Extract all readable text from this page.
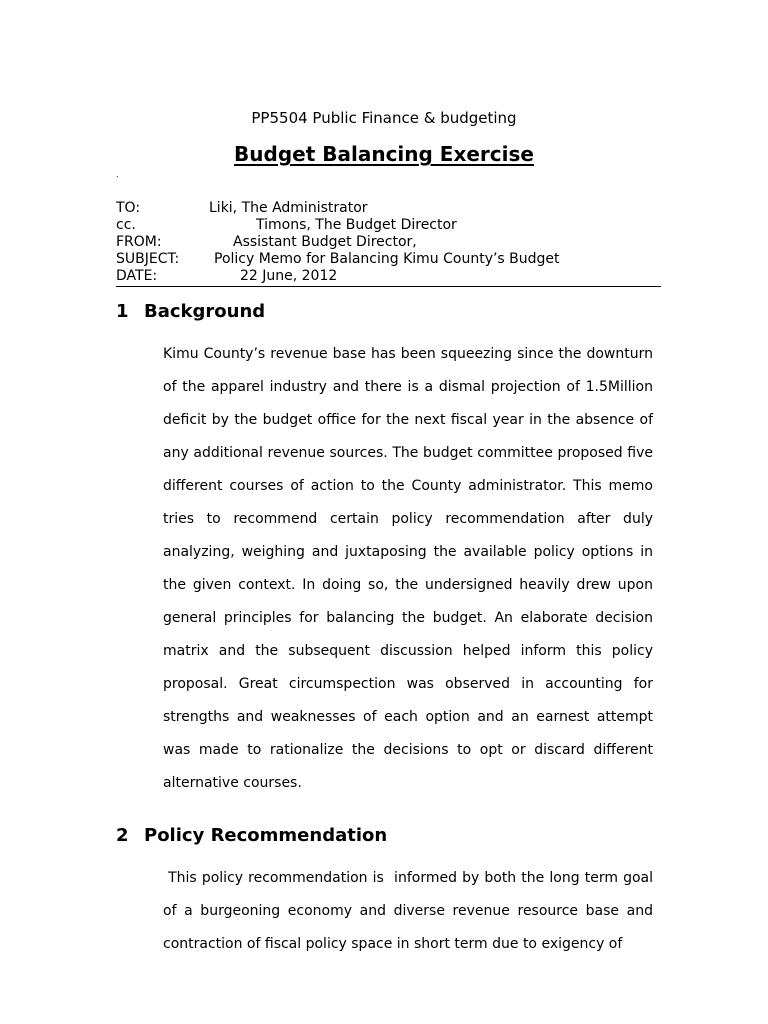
PP5504 Public Finance & budgeting
Budget Balancing Exercise
.
TO:	Liki, The Administrator
cc.	Timons, The Budget Director
FROM:	Assistant Budget Director,
SUBJECT: Policy Memo for Balancing Kimu County’s Budget
DATE:	22 June, 2012
1 Background
Kimu County’s revenue base has been squeezing since the downturn
of the apparel industry and there is a dismal projection of 1.5Million
deficit by the budget office for the next fiscal year in the absence of
any additional revenue sources. The budget committee proposed five
different courses of action to the County administrator. This memo
tries to recommend certain policy recommendation after duly
analyzing, weighing and juxtaposing the available policy options in
the given context. In doing so, the undersigned heavily drew upon
general principles for balancing the budget. An elaborate decision
matrix and the subsequent discussion helped inform this policy
proposal. Great circumspection was observed in accounting for
strengths and weaknesses of each option and an earnest attempt
was made to rationalize the decisions to opt or discard different
alternative courses.
2 Policy Recommendation
This policy recommendation is  informed by both the long term goal
of a burgeoning economy and diverse revenue resource base and
contraction of fiscal policy space in short term due to exigency of
